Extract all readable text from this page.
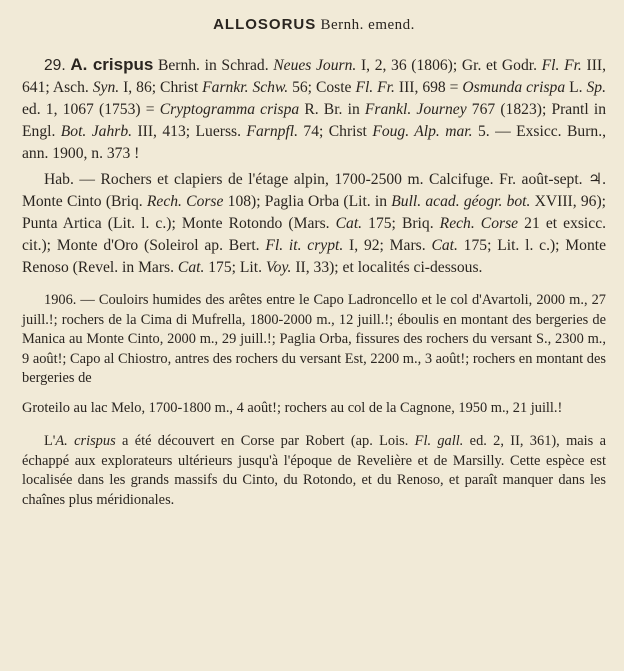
ALLOSORUS Bernh. emend.

29. A. crispus Bernh. in Schrad. Neues Journ. I, 2, 36 (1806); Gr. et Godr. Fl. Fr. III, 641; Asch. Syn. I, 86; Christ Farnkr. Schw. 56; Coste Fl. Fr. III, 698 = Osmunda crispa L. Sp. ed. 1, 1067 (1753) = Cryptogramma crispa R. Br. in Frankl. Journey 767 (1823); Prantl in Engl. Bot. Jahrb. III, 413; Luerss. Farnpfl. 74; Christ Foug. Alp. mar. 5. — Exsicc. Burn., ann. 1900, n. 373 !

Hab. — Rochers et clapiers de l'étage alpin, 1700-2500 m. Calcifuge. Fr. août-sept. ♃. Monte Cinto (Briq. Rech. Corse 108); Paglia Orba (Lit. in Bull. acad. géogr. bot. XVIII, 96); Punta Artica (Lit. l. c.); Monte Rotondo (Mars. Cat. 175; Briq. Rech. Corse 21 et exsicc. cit.); Monte d'Oro (Soleirol ap. Bert. Fl. it. crypt. I, 92; Mars. Cat. 175; Lit. l. c.); Monte Renoso (Revel. in Mars. Cat. 175; Lit. Voy. II, 33); et localités ci-dessous.

1906. — Couloirs humides des arêtes entre le Capo Ladroncello et le col d'Avartoli, 2000 m., 27 juill.!; rochers de la Cima di Mufrella, 1800-2000 m., 12 juill.!; éboulis en montant des bergeries de Manica au Monte Cinto, 2000 m., 29 juill.!; Paglia Orba, fissures des rochers du versant S., 2300 m., 9 août!; Capo al Chiostro, antres des rochers du versant Est, 2200 m., 3 août!; rochers en montant des bergeries de

Groteilo au lac Melo, 1700-1800 m., 4 août!; rochers au col de la Cagnone, 1950 m., 21 juill.!

L'A. crispus a été découvert en Corse par Robert (ap. Lois. Fl. gall. ed. 2, II, 361), mais a échappé aux explorateurs ultérieurs jusqu'à l'époque de Revelière et de Marsilly. Cette espèce est localisée dans les grands massifs du Cinto, du Rotondo, et du Renoso, et paraît manquer dans les chaînes plus méridionales.
